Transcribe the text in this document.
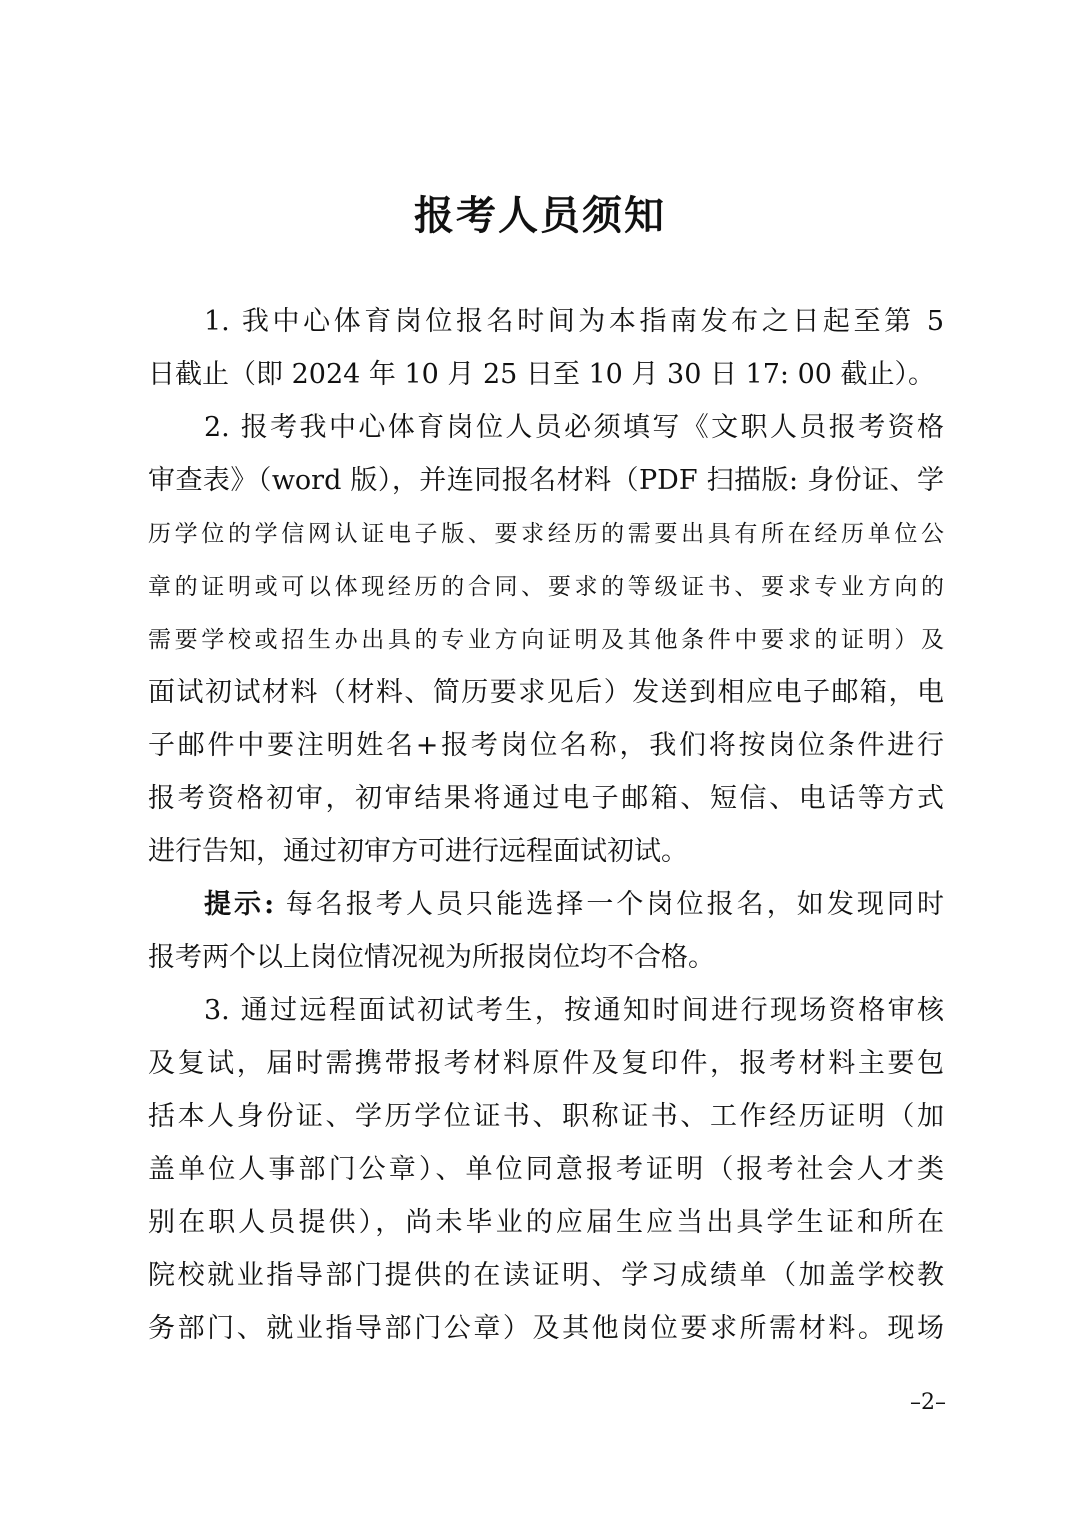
报考人员须知
1. 我中心体育岗位报名时间为本指南发布之日起至第 5
日截止（即 2024 年 10 月 25 日至 10 月 30 日 17: 00 截止）。
2. 报考我中心体育岗位人员必须填写《文职人员报考资格
审查表》（word 版），并连同报名材料（PDF 扫描版: 身份证、学
历学位的学信网认证电子版、要求经历的需要出具有所在经历单位公
章的证明或可以体现经历的合同、要求的等级证书、要求专业方向的
需要学校或招生办出具的专业方向证明及其他条件中要求的证明）及
面试初试材料（材料、简历要求见后）发送到相应电子邮箱，电
子邮件中要注明姓名+报考岗位名称，我们将按岗位条件进行
报考资格初审，初审结果将通过电子邮箱、短信、电话等方式
进行告知，通过初审方可进行远程面试初试。
提示: 每名报考人员只能选择一个岗位报名，如发现同时
报考两个以上岗位情况视为所报岗位均不合格。
3. 通过远程面试初试考生，按通知时间进行现场资格审核
及复试，届时需携带报考材料原件及复印件，报考材料主要包
括本人身份证、学历学位证书、职称证书、工作经历证明（加
盖单位人事部门公章）、单位同意报考证明（报考社会人才类
别在职人员提供），尚未毕业的应届生应当出具学生证和所在
院校就业指导部门提供的在读证明、学习成绩单（加盖学校教
务部门、就业指导部门公章）及其他岗位要求所需材料。现场
–2–
